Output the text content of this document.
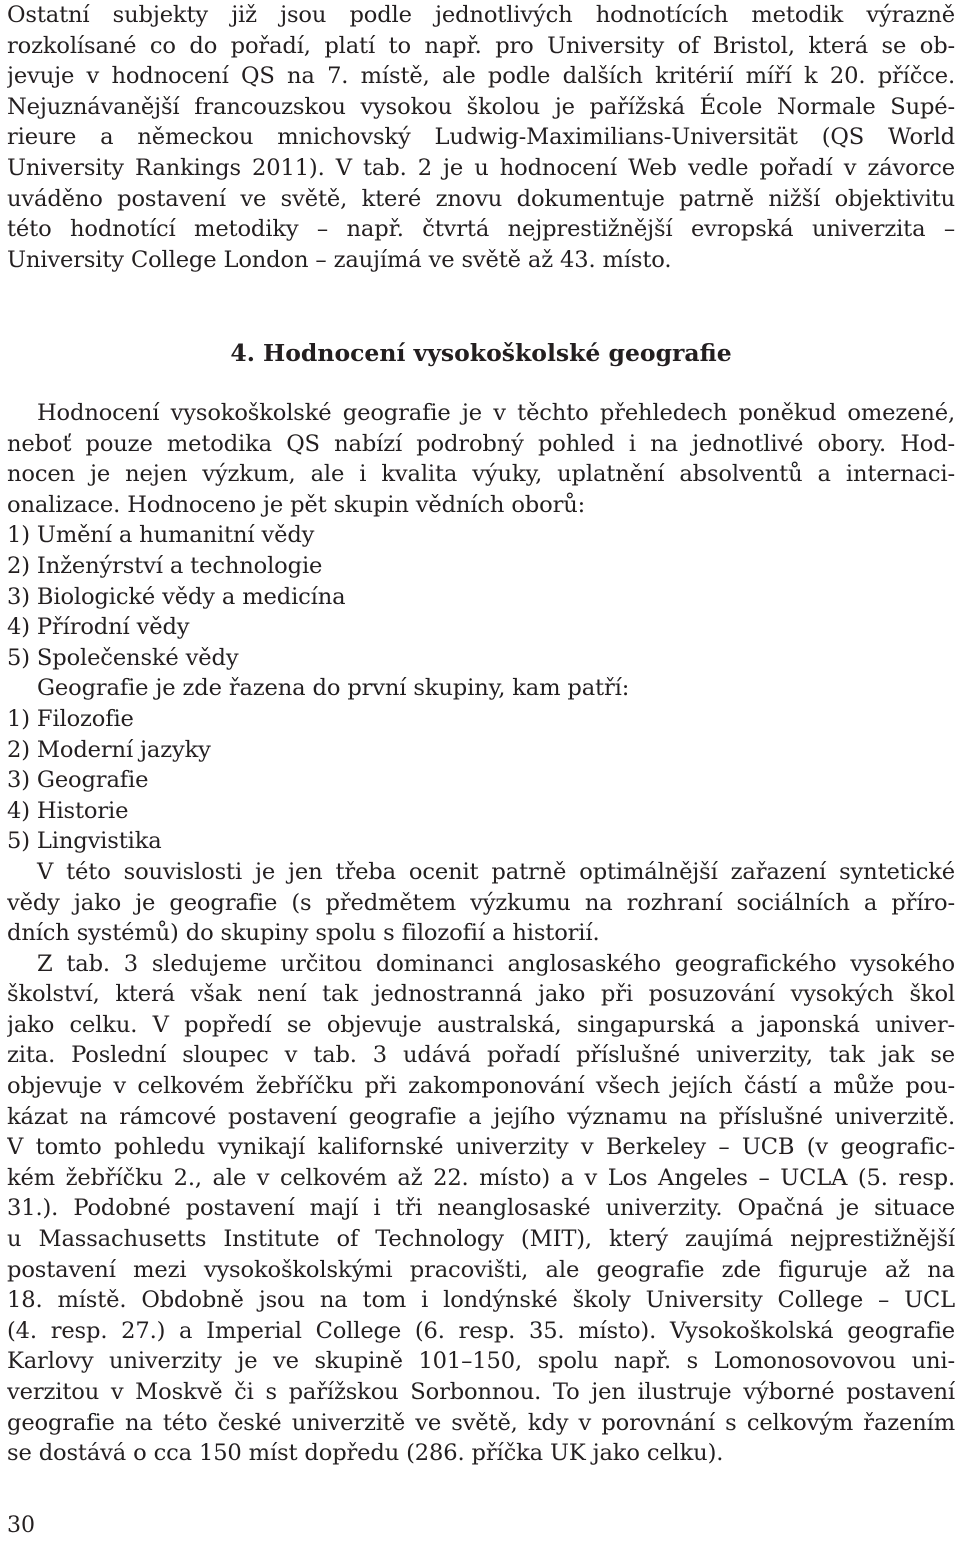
Ostatní subjekty již jsou podle jednotlivých hodnotících metodik výrazně
rozkolísané co do pořadí, platí to např. pro University of Bristol, která se ob-
jevuje v hodnocení QS na 7. místě, ale podle dalších kritérií míří k 20. příčce.
Nejuznávanější francouzskou vysokou školou je pařížská École Normale Supé-
rieure a německou mnichovský Ludwig-Maximilians-Universität (QS World
University Rankings 2011). V tab. 2 je u hodnocení Web vedle pořadí v závorce
uváděno postavení ve světě, které znovu dokumentuje patrně nižší objektivitu
této hodnotící metodiky – např. čtvrtá nejprestižnější evropská univerzita –
University College London – zaujímá ve světě až 43. místo.
4. Hodnocení vysokoškolské geografie
Hodnocení vysokoškolské geografie je v těchto přehledech poněkud omezené,
neboť pouze metodika QS nabízí podrobný pohled i na jednotlivé obory. Hod-
nocen je nejen výzkum, ale i kvalita výuky, uplatnění absolventů a internaci-
onalizace. Hodnoceno je pět skupin vědních oborů:
1) Umění a humanitní vědy
2) Inženýrství a technologie
3) Biologické vědy a medicína
4) Přírodní vědy
5) Společenské vědy
Geografie je zde řazena do první skupiny, kam patří:
1) Filozofie
2) Moderní jazyky
3) Geografie
4) Historie
5) Lingvistika
V této souvislosti je jen třeba ocenit patrně optimálnější zařazení syntetické
vědy jako je geografie (s předmětem výzkumu na rozhraní sociálních a příro-
dních systémů) do skupiny spolu s filozofií a historií.
Z tab. 3 sledujeme určitou dominanci anglosaského geografického vysokého
školství, která však není tak jednostranná jako při posuzování vysokých škol
jako celku. V popředí se objevuje australská, singapurská a japonská univer-
zita. Poslední sloupec v tab. 3 udává pořadí příslušné univerzity, tak jak se
objevuje v celkovém žebříčku při zakomponování všech jejích částí a může pou-
kázat na rámcové postavení geografie a jejího významu na příslušné univerzitě.
V tomto pohledu vynikají kalifornské univerzity v Berkeley – UCB (v geografic-
kém žebříčku 2., ale v celkovém až 22. místo) a v Los Angeles – UCLA (5. resp.
31.). Podobné postavení mají i tři neanglosaské univerzity. Opačná je situace
u Massachusetts Institute of Technology (MIT), který zaujímá nejprestižnější
postavení mezi vysokoškolskými pracovišti, ale geografie zde figuruje až na
18. místě. Obdobně jsou na tom i londýnské školy University College – UCL
(4. resp. 27.) a Imperial College (6. resp. 35. místo). Vysokoškolská geografie
Karlovy univerzity je ve skupině 101–150, spolu např. s Lomonosovovou uni-
verzitou v Moskvě či s pařížskou Sorbonnou. To jen ilustruje výborné postavení
geografie na této české univerzitě ve světě, kdy v porovnání s celkovým řazením
se dostává o cca 150 míst dopředu (286. příčka UK jako celku).
30
